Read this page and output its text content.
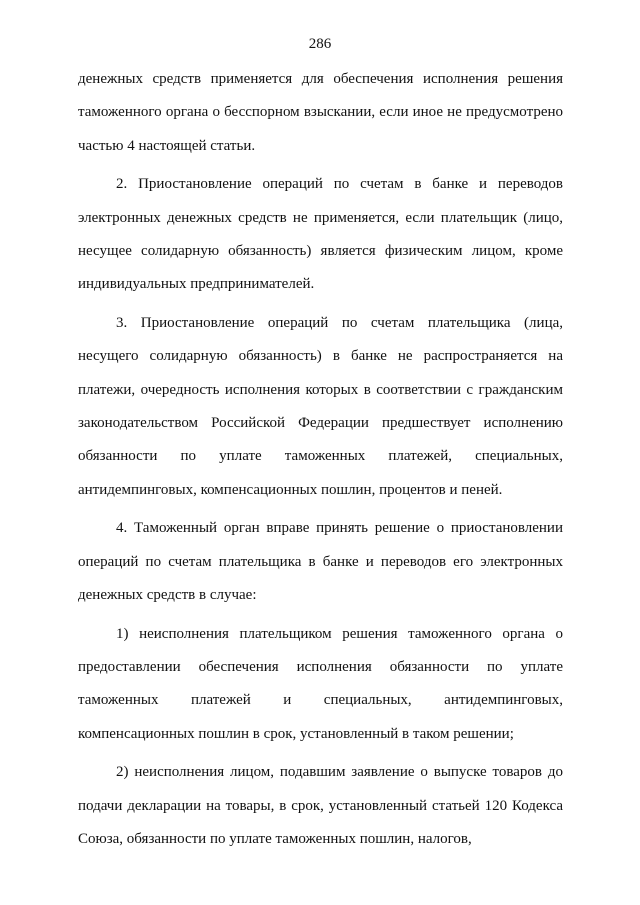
286

денежных средств применяется для обеспечения исполнения решения таможенного органа о бесспорном взыскании, если иное не предусмотрено частью 4 настоящей статьи.

2. Приостановление операций по счетам в банке и переводов электронных денежных средств не применяется, если плательщик (лицо, несущее солидарную обязанность) является физическим лицом, кроме индивидуальных предпринимателей.

3. Приостановление операций по счетам плательщика (лица, несущего солидарную обязанность) в банке не распространяется на платежи, очередность исполнения которых в соответствии с гражданским законодательством Российской Федерации предшествует исполнению обязанности по уплате таможенных платежей, специальных, антидемпинговых, компенсационных пошлин, процентов и пеней.

4. Таможенный орган вправе принять решение о приостановлении операций по счетам плательщика в банке и переводов его электронных денежных средств в случае:

1) неисполнения плательщиком решения таможенного органа о предоставлении обеспечения исполнения обязанности по уплате таможенных платежей и специальных, антидемпинговых, компенсационных пошлин в срок, установленный в таком решении;

2) неисполнения лицом, подавшим заявление о выпуске товаров до подачи декларации на товары, в срок, установленный статьей 120 Кодекса Союза, обязанности по уплате таможенных пошлин, налогов,
